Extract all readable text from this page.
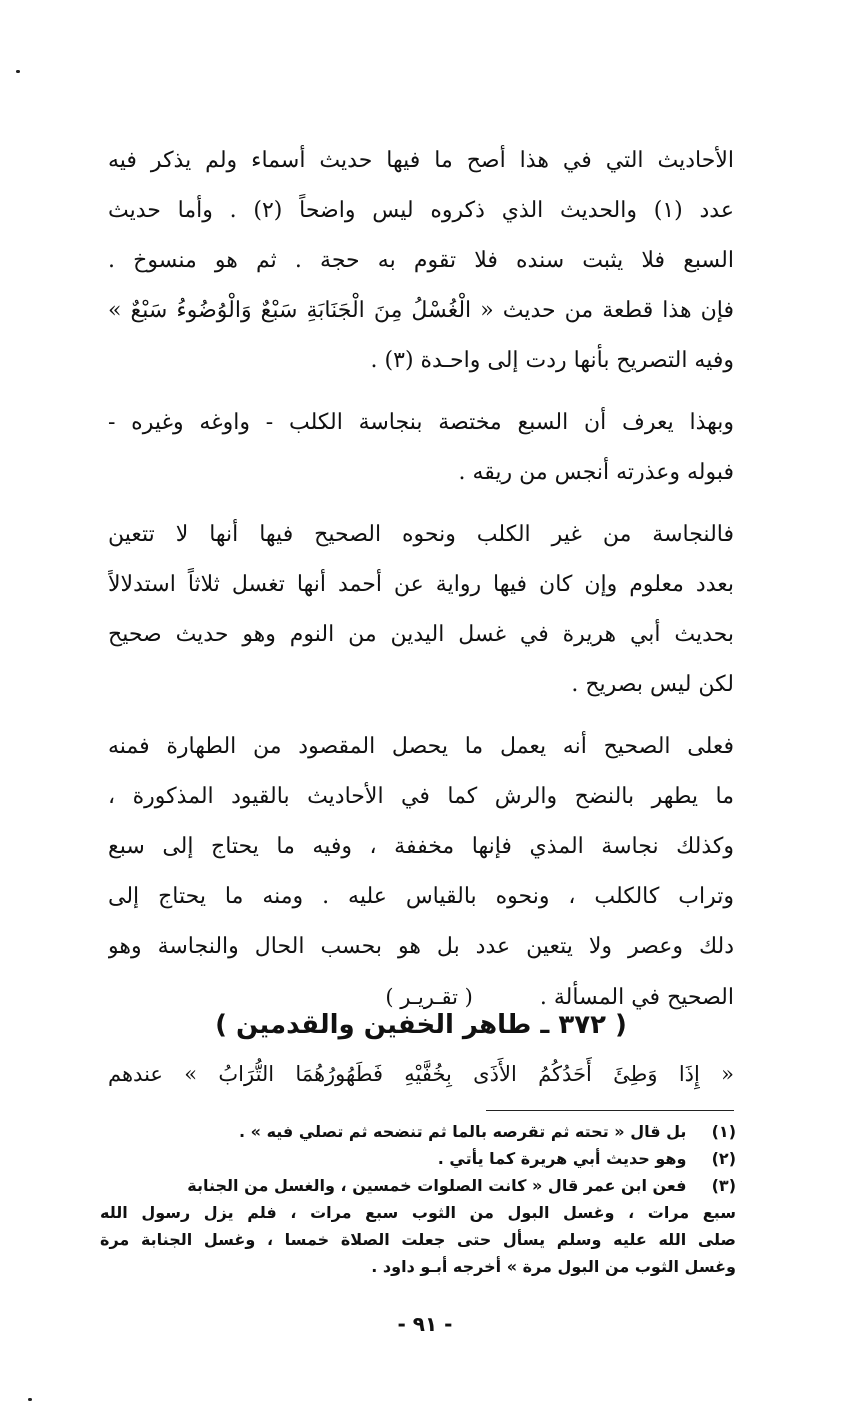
الأحاديث التي في هذا أصح ما فيها حديث أسماء ولم يذكر فيه

عدد (١) والحديث الذي ذكروه ليس واضحاً (٢) . وأما حديث

السبع فلا يثبت سنده فلا تقوم به حجة . ثم هو منسوخ .

فإن هذا قطعة من حديث « الْغُسْلُ مِنَ الْجَنَابَةِ سَبْعٌ وَالْوُضُوءُ سَبْعٌ »

وفيه التصريح بأنها ردت إلى واحـدة (٣) .

وبهذا يعرف أن السبع مختصة بنجاسة الكلب - واوغه وغيره -

فبوله وعذرته أنجس من ريقه .

فالنجاسة من غير الكلب ونحوه الصحيح فيها أنها لا تتعين

بعدد معلوم وإن كان فيها رواية عن أحمد أنها تغسل ثلاثاً استدلالاً

بحديث أبي هريرة في غسل اليدين من النوم وهو حديث صحيح

لكن ليس بصريح .

فعلى الصحيح أنه يعمل ما يحصل المقصود من الطهارة فمنه

ما يطهر بالنضح والرش كما في الأحاديث بالقيود المذكورة ،

وكذلك نجاسة المذي فإنها مخففة ، وفيه ما يحتاج إلى سبع

وتراب كالكلب ، ونحوه بالقياس عليه . ومنه ما يحتاج إلى

دلك وعصر ولا يتعين عدد بل هو بحسب الحال والنجاسة وهو

الصحيح في المسألة . ( تقـريـر )

( ٣٧٢ ـ طاهر الخفين والقدمين )
« إِذَا وَطِئَ أَحَدُكُمُ الأَذَى بِخُفَّيْهِ فَطَهُورُهُمَا التُّرَابُ » عندهم

(١) بل قال « تحته ثم تقرصه بالما ثم تنضحه ثم تصلي فيه » .

(٢) وهو حديث أبي هريرة كما يأتي .

(٣) فعن ابن عمر قال « كانت الصلوات خمسين ، والغسل من الجنابة

سبع مرات ، وغسل البول من الثوب سبع مرات ، فلم يزل رسول الله

صلى الله عليه وسلم يسأل حتى جعلت الصلاة خمسا ، وغسل الجنابة مرة

وغسل الثوب من البول مرة » أخرجه أبـو داود .

- ٩١ -
